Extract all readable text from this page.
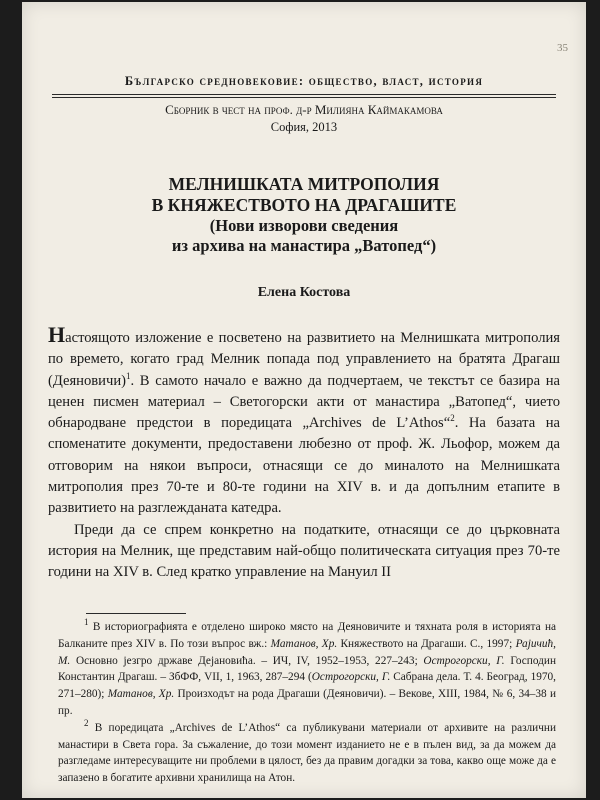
35
Българско средновековие: общество, власт, история
Сборник в чест на проф. д-р Милияна Каймакамова
София, 2013
МЕЛНИШКАТА МИТРОПОЛИЯ
В КНЯЖЕСТВОТО НА ДРАГАШИТЕ
(Нови изворови сведения
из архива на манастира „Ватопед“)
Елена Костова

Настоящото изложение е посветено на развитието на Мелнишката митрополия по времето, когато град Мелник попада под управлението на братята Драгаш (Деяновичи)$^1$. В самото начало е важно да подчертаем, че текстът се базира на ценен писмен материал – Светогорски акти от манастира „Ватопед“, чието обнародване предстои в поредицата „Archives de L’Athos“$^2$. На базата на споменатите документи, предоставени любезно от проф. Ж. Льофор, можем да отговорим на някои въпроси, отнасящи се до миналото на Мелнишката митрополия през 70-те и 80-те години на XIV в. и да допълним етапите в развитието на разглежданата катедра.

Преди да се спрем конкретно на податките, отнасящи се до църковната история на Мелник, ще представим най-общо политическата ситуация през 70-те години на XIV в. След кратко управление на Мануил II

$^1$ В историографията е отделено широко място на Деяновичите и тяхната роля в историята на Балканите през XIV в. По този въпрос вж.: Матанов, Хр. Княжеството на Драгаши. С., 1997; Рајичић, М. Основно језгро државе Дејановића. – ИЧ, IV, 1952–1953, 227–243; Острогорски, Г. Господин Константин Драгаш. – ЗбФФ, VII, 1, 1963, 287–294 (Острогорски, Г. Сабрана дела. Т. 4. Београд, 1970, 271–280); Матанов, Хр. Произходът на рода Драгаши (Деяновичи). – Векове, XIII, 1984, № 6, 34–38 и пр.

$^2$ В поредицата „Archives de L’Athos“ са публикувани материали от архивите на различни манастири в Света гора. За съжаление, до този момент изданието не е в пълен вид, за да можем да разгледаме интересуващите ни проблеми в цялост, без да правим догадки за това, какво още може да е запазено в богатите архивни хранилища на Атон.
